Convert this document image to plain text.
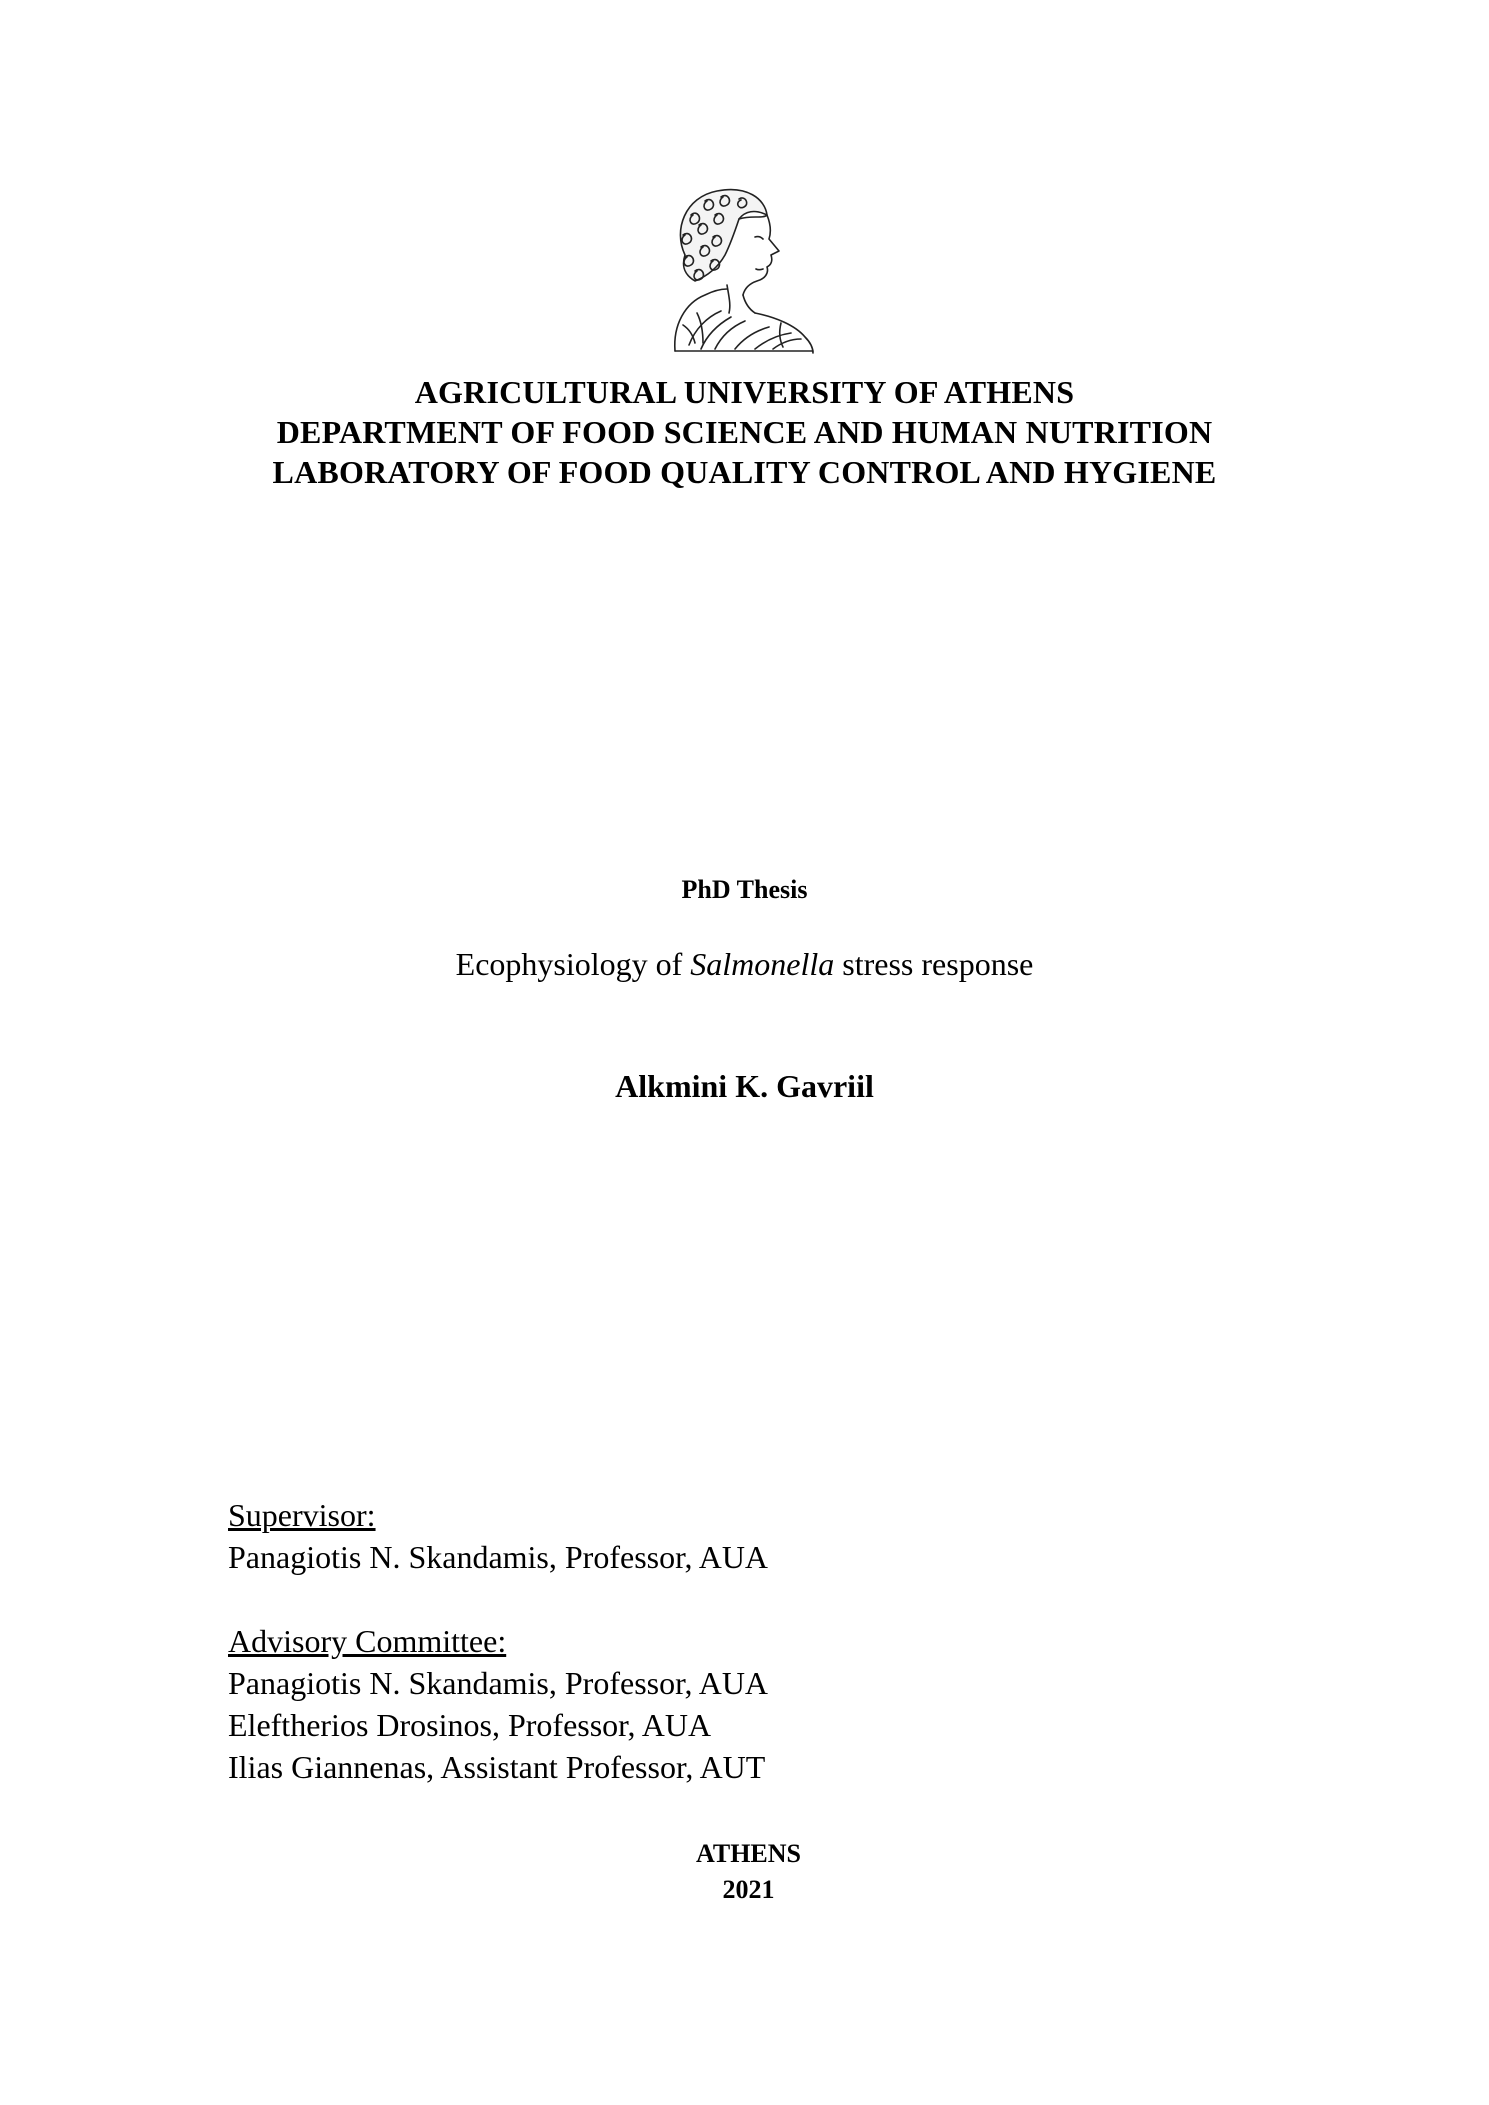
AGRICULTURAL UNIVERSITY OF ATHENS
DEPARTMENT OF FOOD SCIENCE AND HUMAN NUTRITION
LABORATORY OF FOOD QUALITY CONTROL AND HYGIENE
PhD Thesis
Ecophysiology of Salmonella stress response
Alkmini K. Gavriil
Supervisor:
Panagiotis N. Skandamis, Professor, AUA
Advisory Committee:
Panagiotis N. Skandamis, Professor, AUA
Eleftherios Drosinos, Professor, AUA
Ilias Giannenas, Assistant Professor, AUT
ATHENS
2021
